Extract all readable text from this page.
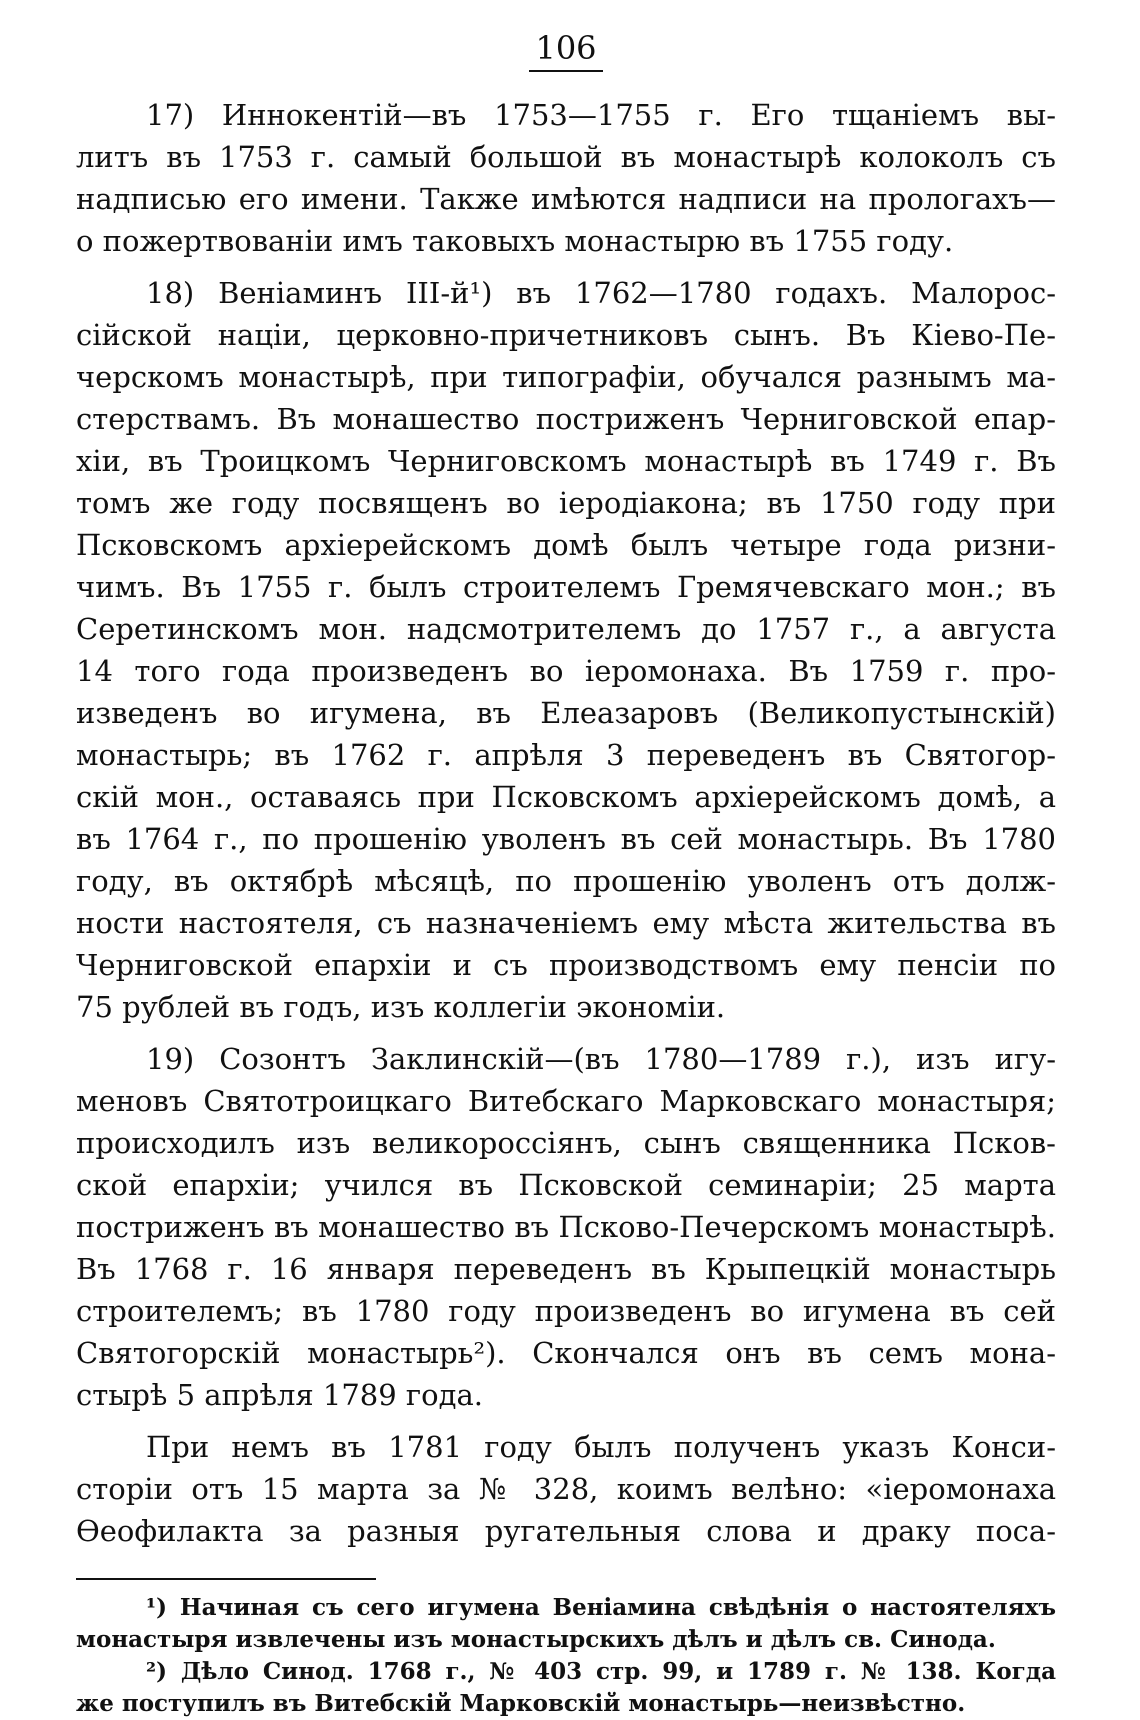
106
17) Иннокентій—въ 1753—1755 г. Его тщаніемъ вы-
литъ въ 1753 г. самый большой въ монастырѣ колоколъ съ
надписью его имени. Также имѣются надписи на прологахъ—
о пожертвованіи имъ таковыхъ монастырю въ 1755 году.
18) Веніаминъ III-й¹) въ 1762—1780 годахъ. Малорос-
сійской націи, церковно-причетниковъ сынъ. Въ Кіево-Пе-
черскомъ монастырѣ, при типографіи, обучался разнымъ ма-
стерствамъ. Въ монашество постриженъ Черниговской епар-
хіи, въ Троицкомъ Черниговскомъ монастырѣ въ 1749 г. Въ
томъ же году посвященъ во іеродіакона; въ 1750 году при
Псковскомъ архіерейскомъ домѣ былъ четыре года ризни-
чимъ. Въ 1755 г. былъ строителемъ Гремячевскаго мон.; въ
Серетинскомъ мон. надсмотрителемъ до 1757 г., а августа
14 того года произведенъ во іеромонаха. Въ 1759 г. про-
изведенъ во игумена, въ Елеазаровъ (Великопустынскій)
монастырь; въ 1762 г. апрѣля 3 переведенъ въ Святогор-
скій мон., оставаясь при Псковскомъ архіерейскомъ домѣ, а
въ 1764 г., по прошенію уволенъ въ сей монастырь. Въ 1780
году, въ октябрѣ мѣсяцѣ, по прошенію уволенъ отъ долж-
ности настоятеля, съ назначеніемъ ему мѣста жительства въ
Черниговской епархіи и съ производствомъ ему пенсіи по
75 рублей въ годъ, изъ коллегіи экономіи.
19) Созонтъ Заклинскій—(въ 1780—1789 г.), изъ игу-
меновъ Святотроицкаго Витебскаго Марковскаго монастыря;
происходилъ изъ великороссіянъ, сынъ священника Псков-
ской епархіи; учился въ Псковской семинаріи; 25 марта
постриженъ въ монашество въ Псково-Печерскомъ монастырѣ.
Въ 1768 г. 16 января переведенъ въ Крыпецкій монастырь
строителемъ; въ 1780 году произведенъ во игумена въ сей
Святогорскій монастырь²). Скончался онъ въ семъ мона-
стырѣ 5 апрѣля 1789 года.
При немъ въ 1781 году былъ полученъ указъ Конси-
сторіи отъ 15 марта за № 328, коимъ велѣно: «іеромонаха
Ѳеофилакта за разныя ругательныя слова и драку поса-
¹) Начиная съ сего игумена Веніамина свѣдѣнія о настоятеляхъ
монастыря извлечены изъ монастырскихъ дѣлъ и дѣлъ св. Синода.
²) Дѣло Синод. 1768 г., № 403 стр. 99, и 1789 г. № 138. Когда
же поступилъ въ Витебскій Марковскій монастырь—неизвѣстно.
